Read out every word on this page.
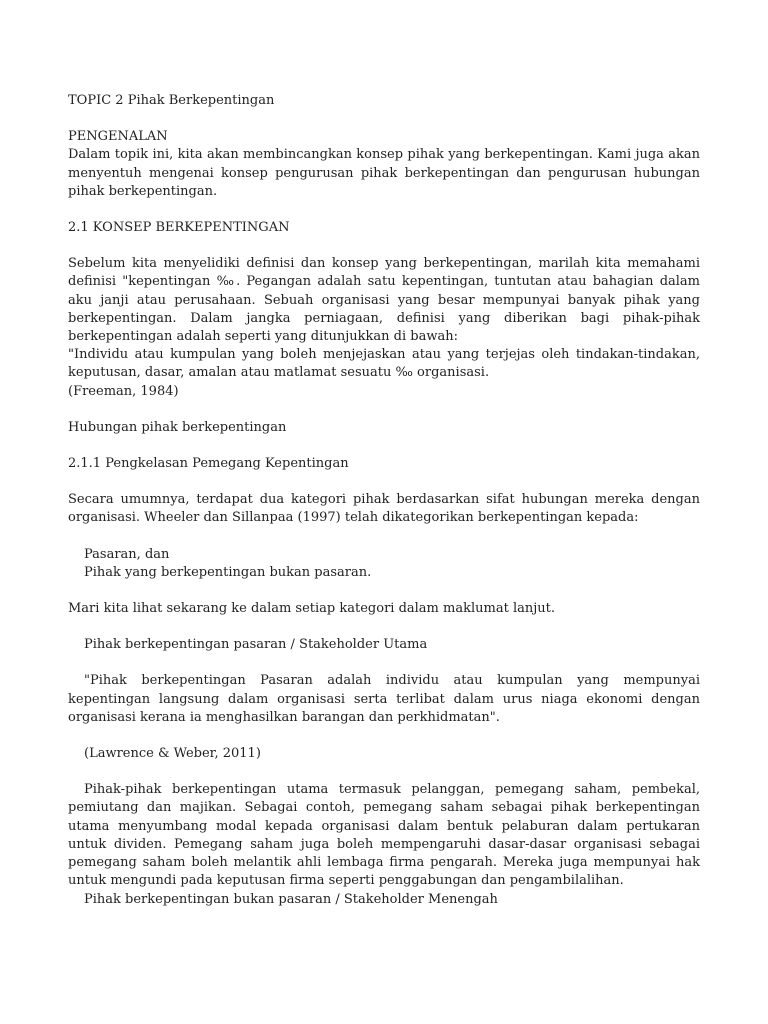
TOPIC 2 Pihak Berkepentingan

PENGENALAN

Dalam topik ini, kita akan membincangkan konsep pihak yang berkepentingan. Kami juga akan menyentuh mengenai konsep pengurusan pihak berkepentingan dan pengurusan hubungan pihak berkepentingan.

2.1 KONSEP BERKEPENTINGAN

Sebelum kita menyelidiki definisi dan konsep yang berkepentingan, marilah kita memahami definisi "kepentingan ‰. Pegangan adalah satu kepentingan, tuntutan atau bahagian dalam aku janji atau perusahaan. Sebuah organisasi yang besar mempunyai banyak pihak yang berkepentingan. Dalam jangka perniagaan, definisi yang diberikan bagi pihak-pihak berkepentingan adalah seperti yang ditunjukkan di bawah:

"Individu atau kumpulan yang boleh menjejaskan atau yang terjejas oleh tindakan-tindakan, keputusan, dasar, amalan atau matlamat sesuatu ‰ organisasi.

(Freeman, 1984)

Hubungan pihak berkepentingan

2.1.1 Pengkelasan Pemegang Kepentingan

Secara umumnya, terdapat dua kategori pihak berdasarkan sifat hubungan mereka dengan organisasi. Wheeler dan Sillanpaa (1997) telah dikategorikan berkepentingan kepada:

Pasaran, dan

Pihak yang berkepentingan bukan pasaran.

Mari kita lihat sekarang ke dalam setiap kategori dalam maklumat lanjut.

Pihak berkepentingan pasaran / Stakeholder Utama

"Pihak berkepentingan Pasaran adalah individu atau kumpulan yang mempunyai kepentingan langsung dalam organisasi serta terlibat dalam urus niaga ekonomi dengan organisasi kerana ia menghasilkan barangan dan perkhidmatan".

(Lawrence & Weber, 2011)

Pihak-pihak berkepentingan utama termasuk pelanggan, pemegang saham, pembekal, pemiutang dan majikan. Sebagai contoh, pemegang saham sebagai pihak berkepentingan utama menyumbang modal kepada organisasi dalam bentuk pelaburan dalam pertukaran untuk dividen. Pemegang saham juga boleh mempengaruhi dasar-dasar organisasi sebagai pemegang saham boleh melantik ahli lembaga firma pengarah. Mereka juga mempunyai hak untuk mengundi pada keputusan firma seperti penggabungan dan pengambilalihan.

Pihak berkepentingan bukan pasaran / Stakeholder Menengah
